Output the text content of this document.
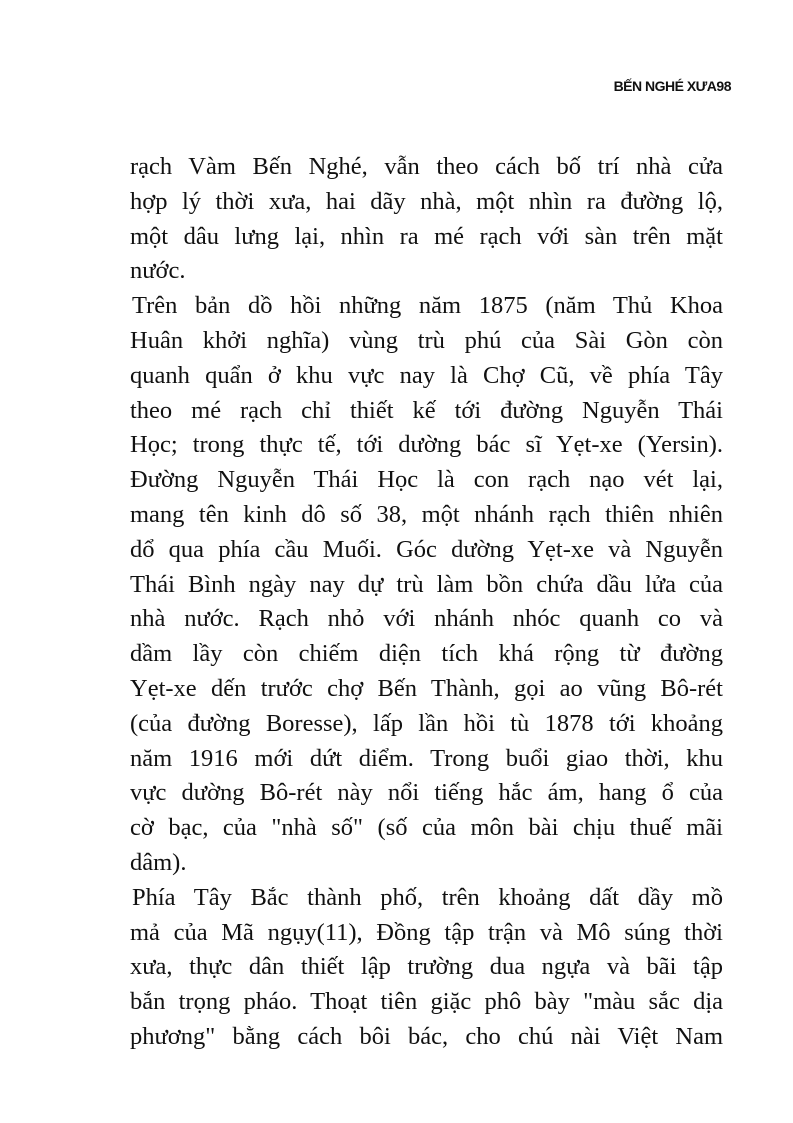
BẾN NGHÉ XƯA98
rạch Vàm Bến Nghé, vẫn theo cách bố trí nhà cửa
hợp lý thời xưa, hai dãy nhà, một nhìn ra đường lộ,
một dâu lưng lại, nhìn ra mé rạch với sàn trên mặt
nước.
Trên bản dồ hồi những năm 1875 (năm Thủ Khoa
Huân khởi nghĩa) vùng trù phú của Sài Gòn còn
quanh quẩn ở khu vực nay là Chợ Cũ, về phía Tây
theo mé rạch chỉ thiết kế tới đường Nguyễn Thái
Học; trong thực tế, tới dường bác sĩ Yẹt-xe (Yersin).
Đường Nguyễn Thái Học là con rạch nạo vét lại,
mang tên kinh dô số 38, một nhánh rạch thiên nhiên
dổ qua phía cầu Muối. Góc dường Yẹt-xe và Nguyễn
Thái Bình ngày nay dự trù làm bồn chứa dầu lửa của
nhà nước. Rạch nhỏ với nhánh nhóc quanh co và
dầm lầy còn chiếm diện tích khá rộng từ đường
Yẹt-xe dến trước chợ Bến Thành, gọi ao vũng Bô-rét
(của đường Boresse), lấp lần hồi tù 1878 tới khoảng
năm 1916 mới dứt diểm. Trong buổi giao thời, khu
vực dường Bô-rét này nổi tiếng hắc ám, hang ổ của
cờ bạc, của "nhà số" (số của môn bài chịu thuế mãi
dâm).
Phía Tây Bắc thành phố, trên khoảng dất dầy mồ
mả của Mã ngụy(11), Đồng tập trận và Mô súng thời
xưa, thực dân thiết lập trường dua ngựa và bãi tập
bắn trọng pháo. Thoạt tiên giặc phô bày "màu sắc dịa
phương" bằng cách bôi bác, cho chú nài Việt Nam
